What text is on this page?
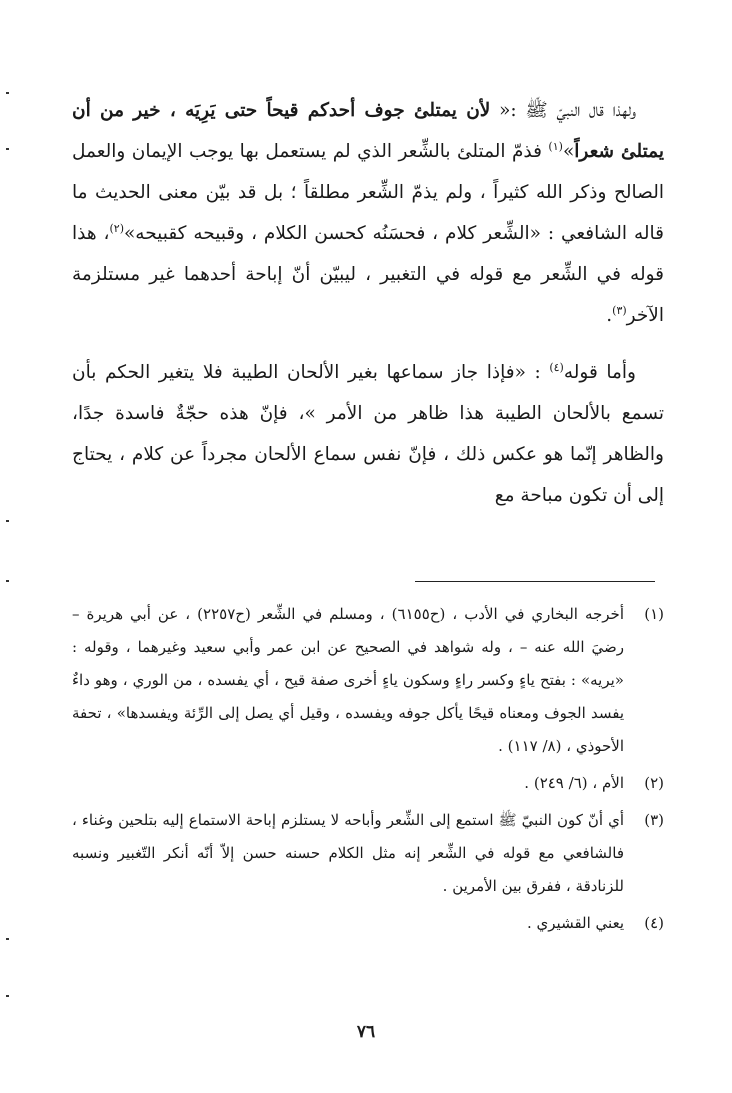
ولهذا قال النبيّ ﷺ :« لأن يمتلئ جوف أحدكم قيحاً حتى يَرِيَه ، خير من أن يمتلئ شعراً»$^{(١)}$ فذمّ المتلئ بالشِّعر الذي لم يستعمل بها يوجب الإيمان والعمل الصالح وذكر الله كثيراً ، ولم يذمّ الشِّعر مطلقاً ؛ بل قد بيّن معنى الحديث ما قاله الشافعي : «الشِّعر كلام ، فحسَنُه كحسن الكلام ، وقبيحه كقبيحه»$^{(٢)}$، هذا قوله في الشِّعر مع قوله في التغبير ، ليبيّن أنّ إباحة أحدهما غير مستلزمة الآخر$^{(٣)}$.

وأما قوله$^{(٤)}$ : «فإذا جاز سماعها بغير الألحان الطيبة فلا يتغير الحكم بأن تسمع بالألحان الطيبة هذا ظاهر من الأمر »، فإنّ هذه حجّةٌ فاسدة جدًا، والظاهر إنّما هو عكس ذلك ، فإنّ نفس سماع الألحان مجرداً عن كلام ، يحتاج إلى أن تكون مباحة مع

(١)
أخرجه البخاري في الأدب ، (ح٦١٥٥) ، ومسلم في الشِّعر (ح٢٢٥٧) ، عن أبي هريرة – رضيَ الله عنه – ، وله شواهد في الصحيح عن ابن عمر وأبي سعيد وغيرهما ، وقوله : «يريه» : بفتح ياءٍ وكسر راءٍ وسكون ياءٍ أخرى صفة قيح ، أي يفسده ، من الوري ، وهو داءٌ يفسد الجوف ومعناه قيحًا يأكل جوفه ويفسده ، وقيل أي يصل إلى الرِّئة ويفسدها» ، تحفة الأحوذي ، (٨/ ١١٧) .
(٢)
الأم ، (٦/ ٢٤٩) .
(٣)
أي أنّ كون النبيّ ﷺ استمع إلى الشِّعر وأباحه لا يستلزم إباحة الاستماع إليه بتلحين وغناء ، فالشافعي مع قوله في الشِّعر إنه مثل الكلام حسنه حسن إلاّ أنّه أنكر التّغبير ونسبه للزنادقة ، ففرق بين الأمرين .
(٤)
يعني القشيري .
٧٦
